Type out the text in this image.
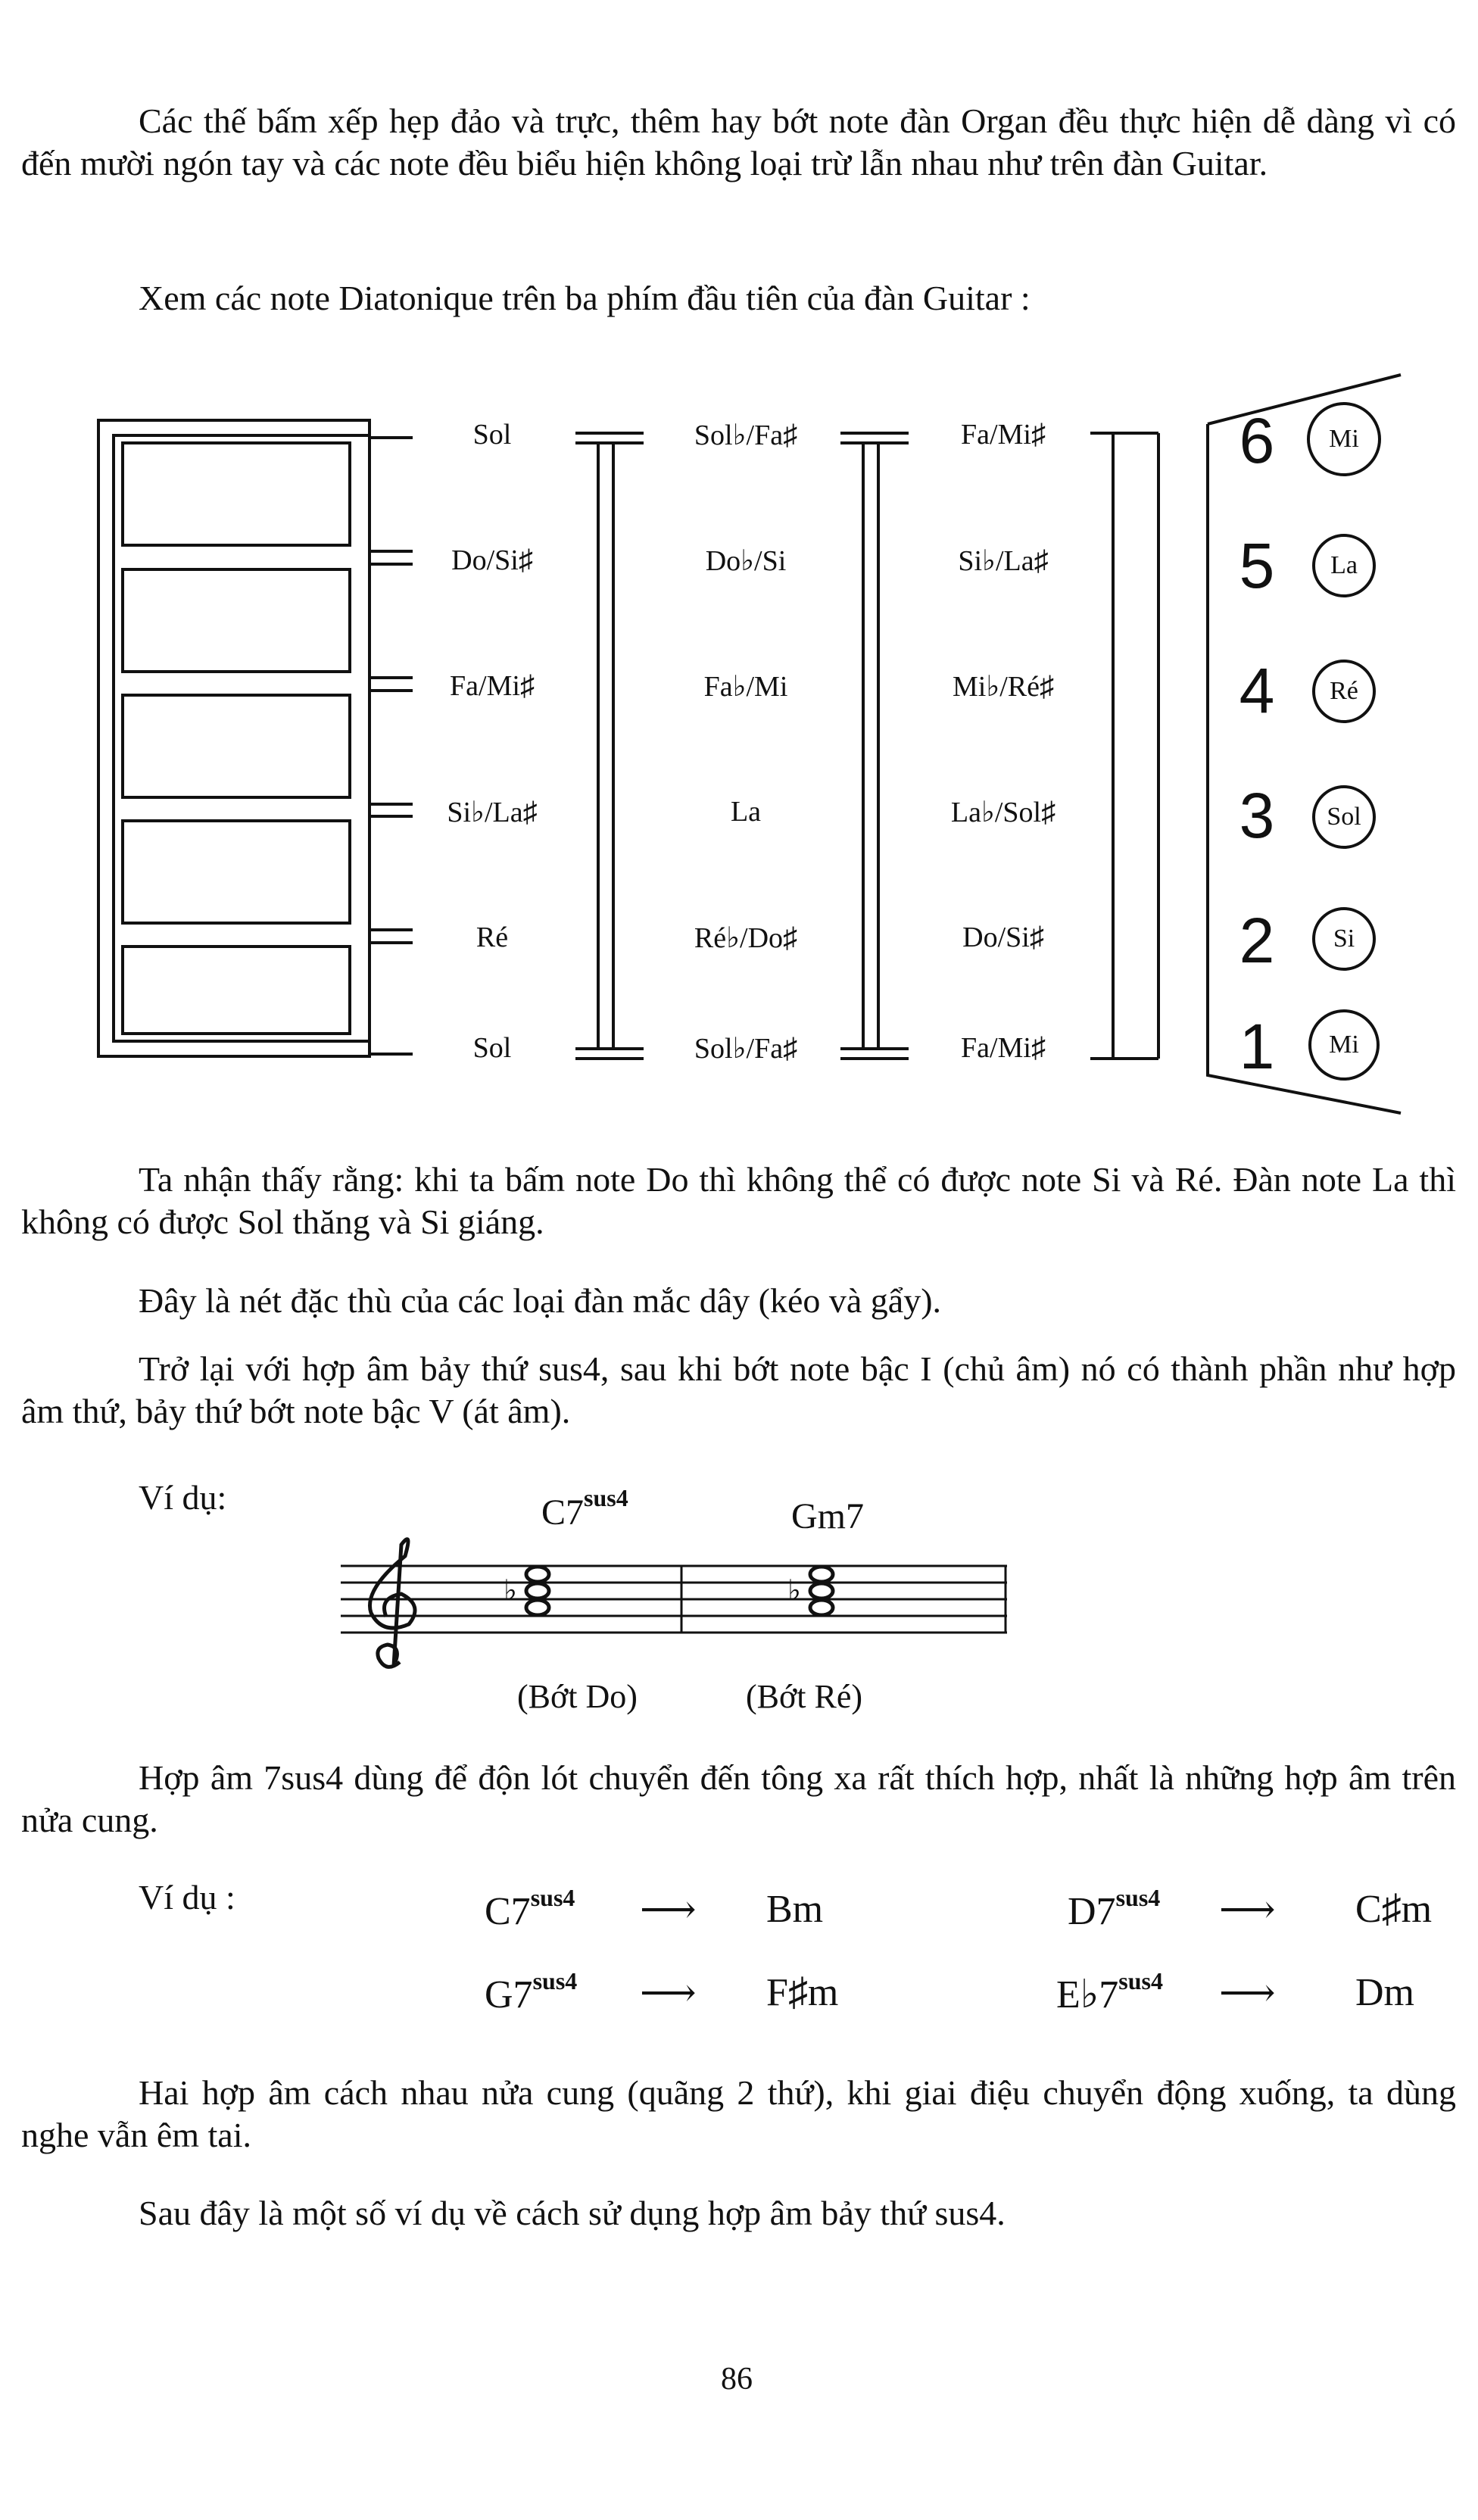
Các thế bấm xếp hẹp đảo và trực, thêm hay bớt note đàn Organ đều thực hiện dễ dàng vì có đến mười ngón tay và các note đều biểu hiện không loại trừ lẫn nhau như trên đàn Guitar.

Xem các note Diatonique trên ba phím đầu tiên của đàn Guitar :

Sol
Do/Si♯
Fa/Mi♯
Si♭/La♯
Ré
Sol
Sol♭/Fa♯
Do♭/Si
Fa♭/Mi
La
Ré♭/Do♯
Sol♭/Fa♯
Fa/Mi♯
Si♭/La♯
Mi♭/Ré♯
La♭/Sol♯
Do/Si♯
Fa/Mi♯
6
5
4
3
2
1
Mi
La
Ré
Sol
Si
Mi

Ta nhận thấy rằng: khi ta bấm note Do thì không thể có được note Si và Ré. Đàn note La thì không có được Sol thăng và Si giáng.

Đây là nét đặc thù của các loại đàn mắc dây (kéo và gẩy).

Trở lại với hợp âm bảy thứ sus4, sau khi bớt note bậc I (chủ âm) nó có thành phần như hợp âm thứ, bảy thứ bớt note bậc V (át âm).

Ví dụ:	$C7^{sus4}$	Gm7
♭	♭
(Bớt Do)	(Bớt Ré)

Hợp âm 7sus4 dùng để độn lót chuyển đến tông xa rất thích hợp, nhất là những hợp âm trên nửa cung.

Ví dụ :	$C7^{sus4}$ ⟶ Bm	$D7^{sus4}$ ⟶ C♯m
$G7^{sus4}$ ⟶ F♯m	$E♭7^{sus4}$ ⟶ Dm

Hai hợp âm cách nhau nửa cung (quãng 2 thứ), khi giai điệu chuyển động xuống, ta dùng nghe vẫn êm tai.

Sau đây là một số ví dụ về cách sử dụng hợp âm bảy thứ sus4.

86
